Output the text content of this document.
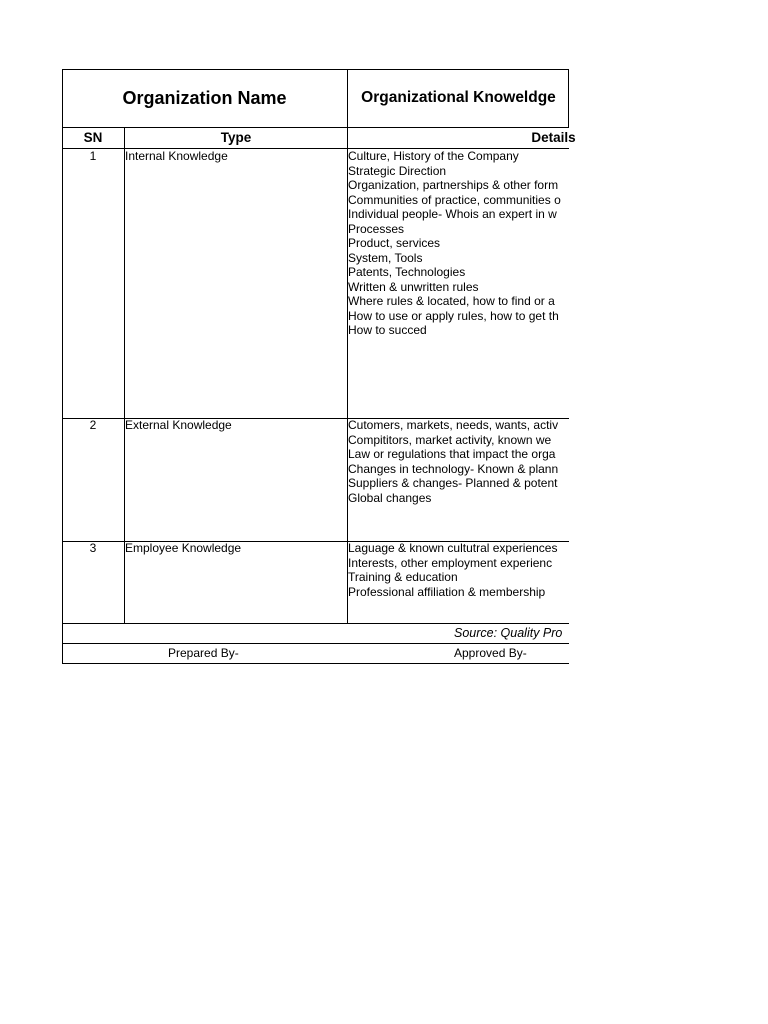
Organization Name	Organizational Knoweldge
SN	Type	Details
1	Internal Knowledge	Culture, History of the Company
Strategic Direction
Organization, partnerships & other form
Communities of practice, communities o
Individual people- Whois an expert in w
Processes
Product, services
System, Tools
Patents, Technologies
Written & unwritten rules
Where rules & located, how to find or a
How to use or apply rules, how to get th
How to succed
2	External Knowledge	Cutomers, markets, needs, wants, activ
Compititors, market activity, known we
Law or regulations that impact the orga
Changes in technology- Known & plann
Suppliers & changes- Planned & potent
Global changes
3	Employee Knowledge	Laguage & known cultutral experiences
Interests, other employment experienc
Training & education
Professional affiliation & membership
Source: Quality Pro
Prepared By-	Approved By-
